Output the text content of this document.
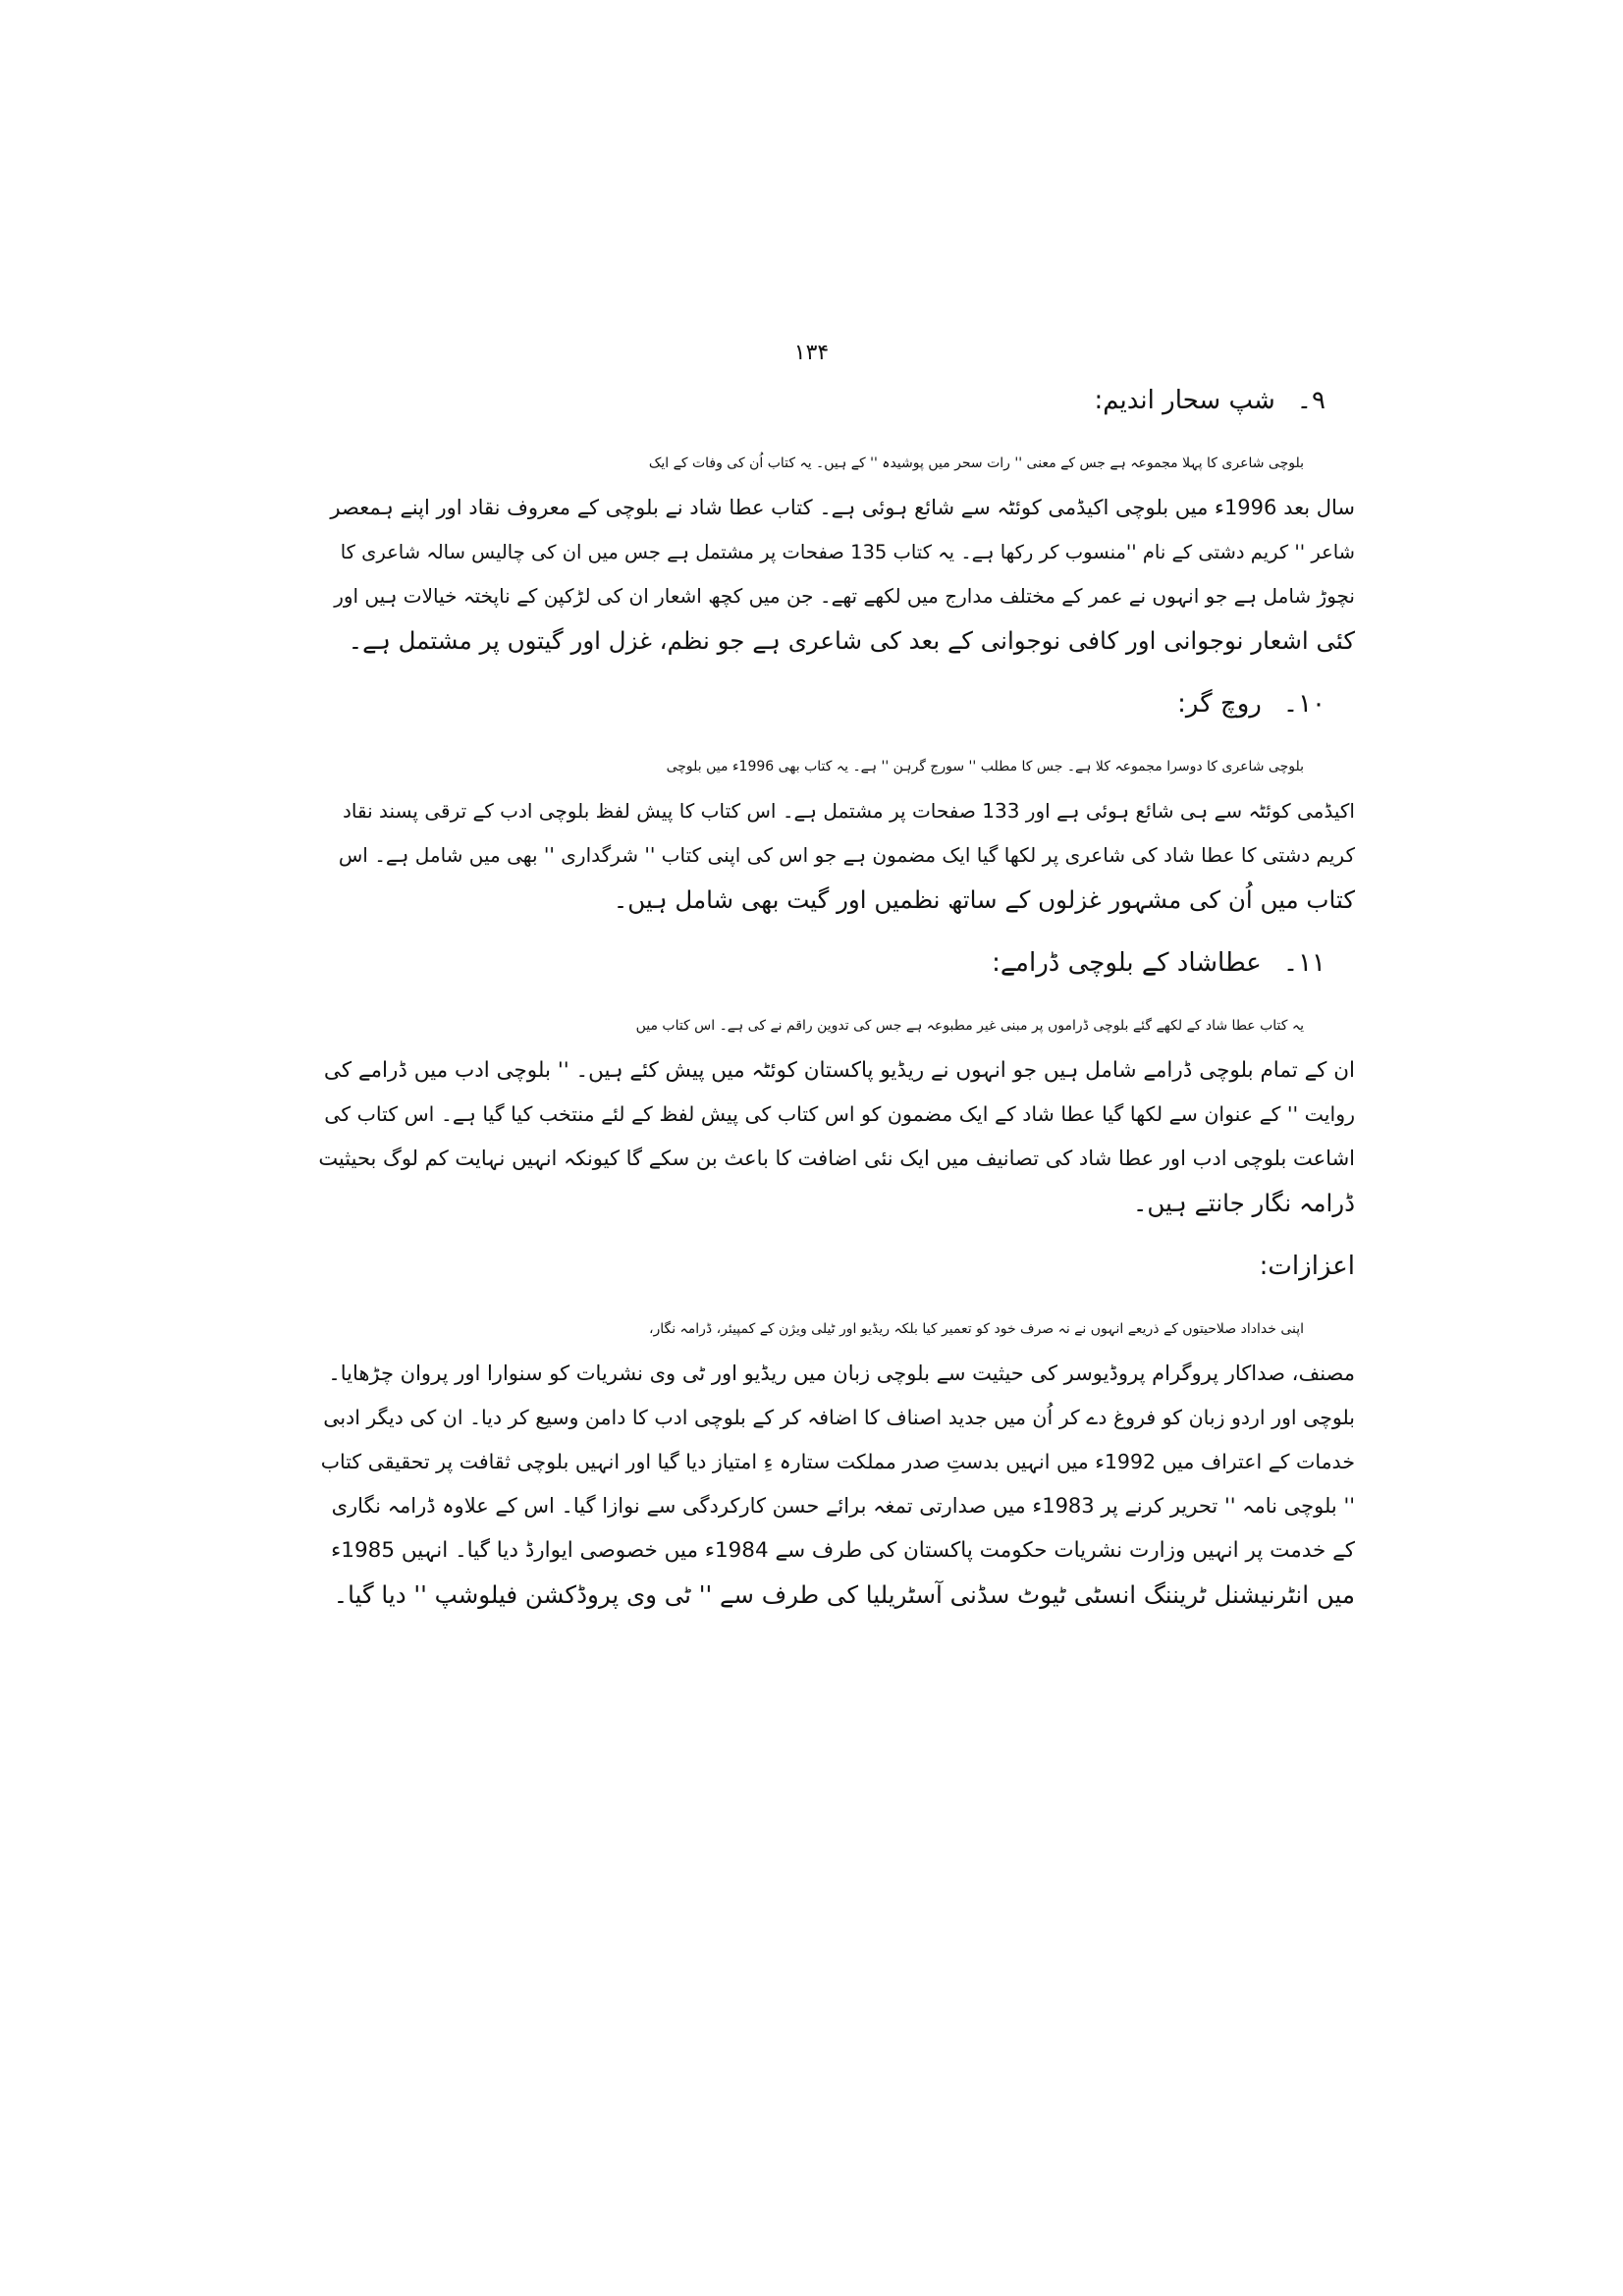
۱۳۴
۹۔شپ سحار اندیم:
بلوچی شاعری کا پہلا مجموعہ ہے جس کے معنی '' رات سحر میں پوشیدہ '' کے ہیں۔ یہ کتاب اُن کی وفات کے ایک
سال بعد 1996ء میں بلوچی اکیڈمی کوئٹہ سے شائع ہوئی ہے۔ کتاب عطا شاد نے بلوچی کے معروف نقاد اور اپنے ہمعصر
شاعر '' کریم دشتی کے نام ''منسوب کر رکھا ہے۔ یہ کتاب 135 صفحات پر مشتمل ہے جس میں ان کی چالیس سالہ شاعری کا
نچوڑ شامل ہے جو انہوں نے عمر کے مختلف مدارج میں لکھے تھے۔ جن میں کچھ اشعار ان کی لڑکپن کے ناپختہ خیالات ہیں اور
کئی اشعار نوجوانی اور کافی نوجوانی کے بعد کی شاعری ہے جو نظم، غزل اور گیتوں پر مشتمل ہے۔
۱۰۔روچ گر:
بلوچی شاعری کا دوسرا مجموعہ کلا ہے۔ جس کا مطلب '' سورج گرہن '' ہے۔ یہ کتاب بھی 1996ء میں بلوچی
اکیڈمی کوئٹہ سے ہی شائع ہوئی ہے اور 133 صفحات پر مشتمل ہے۔ اس کتاب کا پیش لفظ بلوچی ادب کے ترقی پسند نقاد
کریم دشتی کا عطا شاد کی شاعری پر لکھا گیا ایک مضمون ہے جو اس کی اپنی کتاب '' شرگداری '' بھی میں شامل ہے۔ اس
کتاب میں اُن کی مشہور غزلوں کے ساتھ نظمیں اور گیت بھی شامل ہیں۔
۱۱۔عطاشاد کے بلوچی ڈرامے:
یہ کتاب عطا شاد کے لکھے گئے بلوچی ڈراموں پر مبنی غیر مطبوعہ ہے جس کی تدوین راقم نے کی ہے۔ اس کتاب میں
ان کے تمام بلوچی ڈرامے شامل ہیں جو انہوں نے ریڈیو پاکستان کوئٹہ میں پیش کئے ہیں۔ '' بلوچی ادب میں ڈرامے کی
روایت '' کے عنوان سے لکھا گیا عطا شاد کے ایک مضمون کو اس کتاب کی پیش لفظ کے لئے منتخب کیا گیا ہے۔ اس کتاب کی
اشاعت بلوچی ادب اور عطا شاد کی تصانیف میں ایک نئی اضافت کا باعث بن سکے گا کیونکہ انہیں نہایت کم لوگ بحیثیت
ڈرامہ نگار جانتے ہیں۔
اعزازات:
اپنی خداداد صلاحیتوں کے ذریعے انہوں نے نہ صرف خود کو تعمیر کیا بلکہ ریڈیو اور ٹیلی ویژن کے کمپیئر، ڈرامہ نگار،
مصنف، صداکار پروگرام پروڈیوسر کی حیثیت سے بلوچی زبان میں ریڈیو اور ٹی وی نشریات کو سنوارا اور پروان چڑھایا۔
بلوچی اور اردو زبان کو فروغ دے کر اُن میں جدید اصناف کا اضافہ کر کے بلوچی ادب کا دامن وسیع کر دیا۔ ان کی دیگر ادبی
خدمات کے اعتراف میں 1992ء میں انہیں بدستِ صدر مملکت ستارہ ءِ امتیاز دیا گیا اور انہیں بلوچی ثقافت پر تحقیقی کتاب
'' بلوچی نامہ '' تحریر کرنے پر 1983ء میں صدارتی تمغہ برائے حسن کارکردگی سے نوازا گیا۔ اس کے علاوہ ڈرامہ نگاری
کے خدمت پر انہیں وزارت نشریات حکومت پاکستان کی طرف سے 1984ء میں خصوصی ایوارڈ دیا گیا۔ انہیں 1985ء
میں انٹرنیشنل ٹریننگ انسٹی ٹیوٹ سڈنی آسٹریلیا کی طرف سے '' ٹی وی پروڈکشن فیلوشپ '' دیا گیا۔
